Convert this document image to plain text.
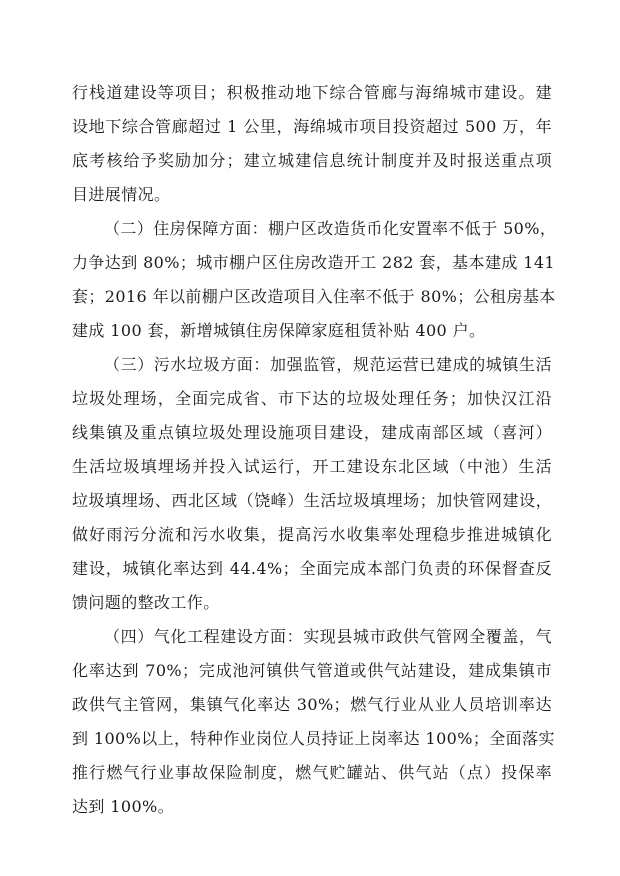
行栈道建设等项目；积极推动地下综合管廊与海绵城市建设。建
设地下综合管廊超过 1 公里，海绵城市项目投资超过 500 万，年
底考核给予奖励加分；建立城建信息统计制度并及时报送重点项
目进展情况。
（二）住房保障方面：棚户区改造货币化安置率不低于 50%，
力争达到 80%；城市棚户区住房改造开工 282 套，基本建成 141
套；2016 年以前棚户区改造项目入住率不低于 80%；公租房基本
建成 100 套，新增城镇住房保障家庭租赁补贴 400 户。
（三）污水垃圾方面：加强监管，规范运营已建成的城镇生活
垃圾处理场，全面完成省、市下达的垃圾处理任务；加快汉江沿
线集镇及重点镇垃圾处理设施项目建设，建成南部区域（喜河）
生活垃圾填埋场并投入试运行，开工建设东北区域（中池）生活
垃圾填埋场、西北区域（饶峰）生活垃圾填埋场；加快管网建设，
做好雨污分流和污水收集，提高污水收集率处理稳步推进城镇化
建设，城镇化率达到 44.4%；全面完成本部门负责的环保督查反
馈问题的整改工作。
（四）气化工程建设方面：实现县城市政供气管网全覆盖，气
化率达到 70%；完成池河镇供气管道或供气站建设，建成集镇市
政供气主管网，集镇气化率达 30%；燃气行业从业人员培训率达
到 100%以上，特种作业岗位人员持证上岗率达 100%；全面落实
推行燃气行业事故保险制度，燃气贮罐站、供气站（点）投保率
达到 100%。
